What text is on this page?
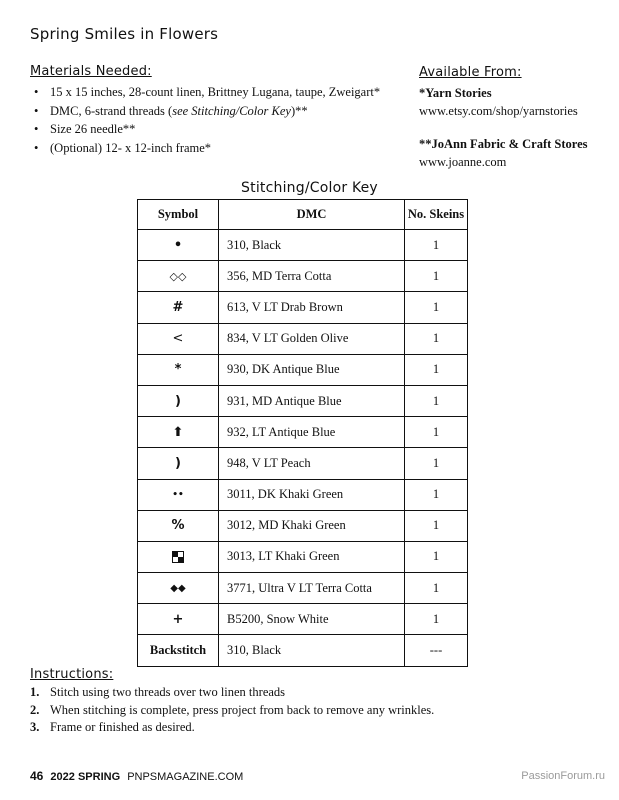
Spring Smiles in Flowers
Materials Needed:
• 15 x 15 inches, 28-count linen, Brittney Lugana, taupe, Zweigart*
• DMC, 6-strand threads (see Stitching/Color Key)**
• Size 26 needle**
• (Optional) 12- x 12-inch frame*
Available From:
*Yarn Stories
www.etsy.com/shop/yarnstories
**JoAnn Fabric & Craft Stores
www.joanne.com
Stitching/Color Key
Symbol	DMC	No. Skeins
•	310, Black	1
◇◇	356, MD Terra Cotta	1
#	613, V LT Drab Brown	1
<	834, V LT Golden Olive	1
*	930, DK Antique Blue	1
)	931, MD Antique Blue	1
⬆	932, LT Antique Blue	1
)	948, V LT Peach	1
••	3011, DK Khaki Green	1
%	3012, MD Khaki Green	1
	3013, LT Khaki Green	1
◆◆	3771, Ultra V LT Terra Cotta	1
+	B5200, Snow White	1
Backstitch	310, Black	---
Instructions:
1. Stitch using two threads over two linen threads
2. When stitching is complete, press project from back to remove any wrinkles.
3. Frame or finished as desired.
46 2022 SPRING PNPSMAGAZINE.COM	PassionForum.ru
